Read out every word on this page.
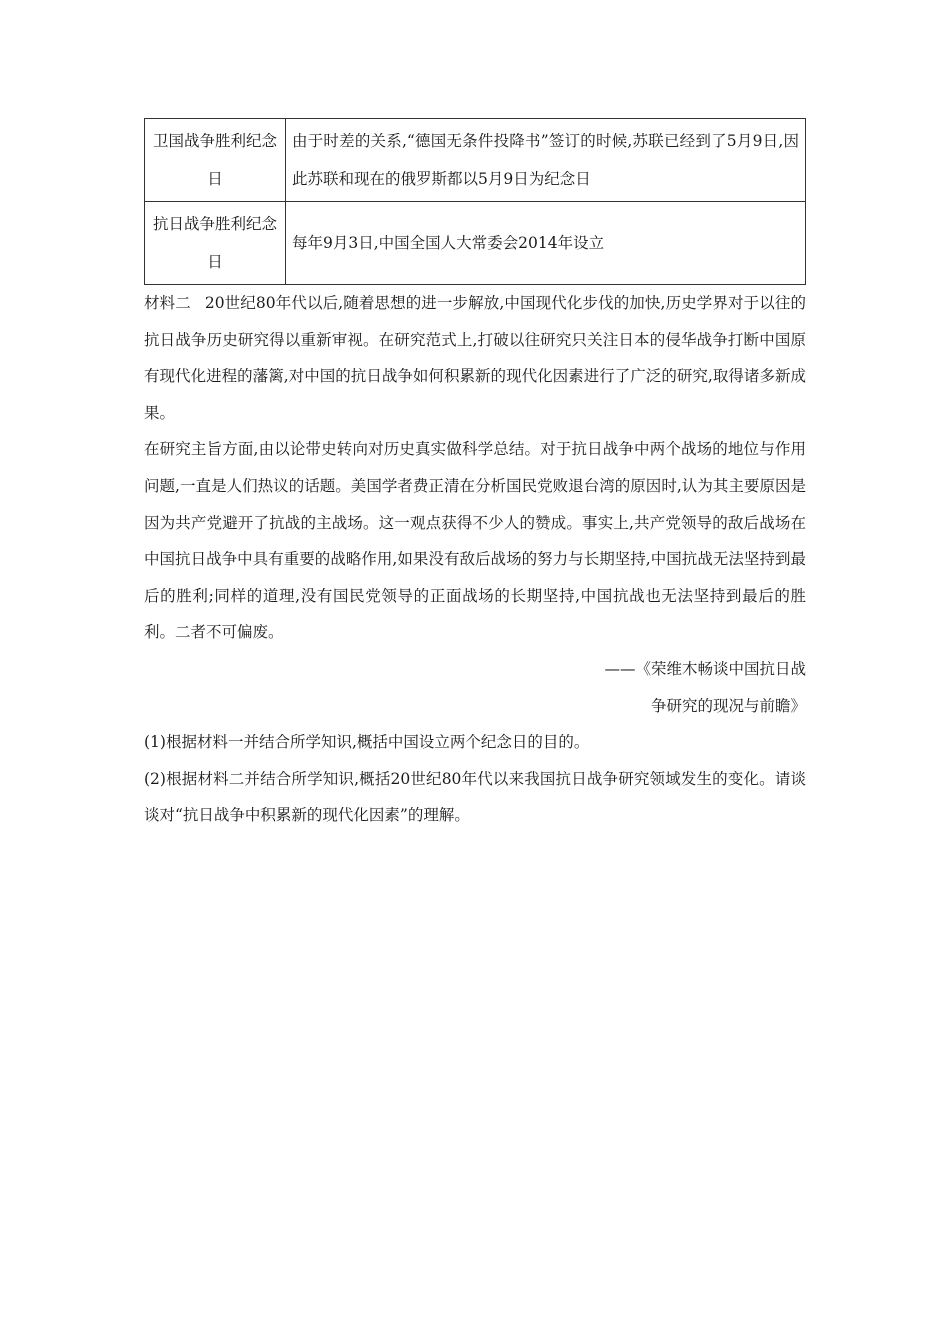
卫国战争胜利纪念日	由于时差的关系,“德国无条件投降书”签订的时候,苏联已经到了5月9日,因此苏联和现在的俄罗斯都以5月9日为纪念日
抗日战争胜利纪念日	每年9月3日,中国全国人大常委会2014年设立

材料二 20世纪80年代以后,随着思想的进一步解放,中国现代化步伐的加快,历史学界对于以往的抗日战争历史研究得以重新审视。在研究范式上,打破以往研究只关注日本的侵华战争打断中国原有现代化进程的藩篱,对中国的抗日战争如何积累新的现代化因素进行了广泛的研究,取得诸多新成果。

在研究主旨方面,由以论带史转向对历史真实做科学总结。对于抗日战争中两个战场的地位与作用问题,一直是人们热议的话题。美国学者费正清在分析国民党败退台湾的原因时,认为其主要原因是因为共产党避开了抗战的主战场。这一观点获得不少人的赞成。事实上,共产党领导的敌后战场在中国抗日战争中具有重要的战略作用,如果没有敌后战场的努力与长期坚持,中国抗战无法坚持到最后的胜利;同样的道理,没有国民党领导的正面战场的长期坚持,中国抗战也无法坚持到最后的胜利。二者不可偏废。

——《荣维木畅谈中国抗日战
争研究的现况与前瞻》

(1)根据材料一并结合所学知识,概括中国设立两个纪念日的目的。

(2)根据材料二并结合所学知识,概括20世纪80年代以来我国抗日战争研究领域发生的变化。请谈谈对“抗日战争中积累新的现代化因素”的理解。
